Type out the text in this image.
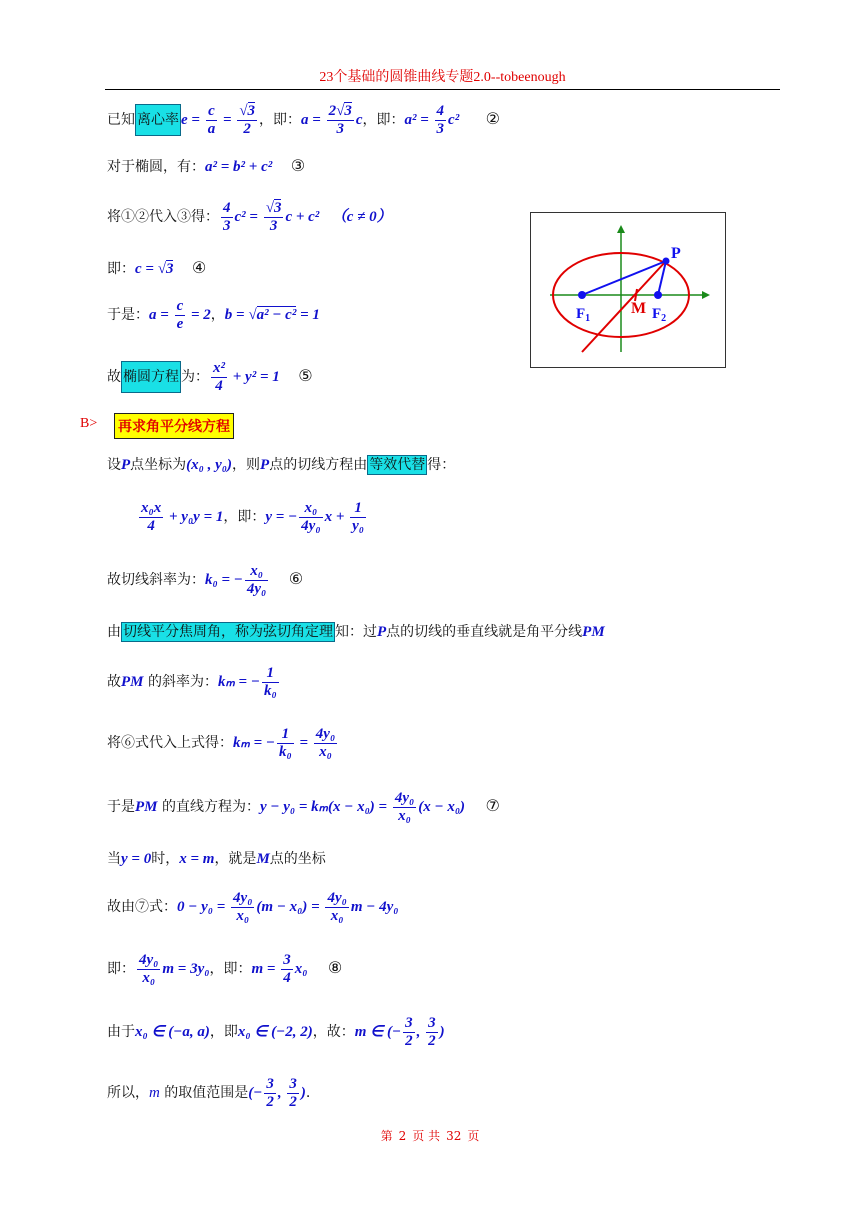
23个基础的圆锥曲线专题2.0--tobeenough
已知 离心率 $e = \frac{c}{a} = \frac{√3}{2}$ ，即：$a = \frac{2√3}{3}$ c，即：$a^2 = \frac{4}{3} c^2$ ②
对于椭圆，有：a² = b² + c² ③
将①②代入③得： $\frac{4}{3} c^2 = \frac{√3}{3}$ c + c² （c ≠ 0）
即：c = √3 ④
于是：$a = \frac{c}{e} = 2$，b = √a² − c² = 1
故 椭圆方程 为： $\frac{\text{x²}}{4} + y^2 = 1$ ⑤
B> 再求角平分线方程
设P点坐标为(x₀ , y₀)，则P点的切线方程由 等效代替 得：
$\frac{\text{x₀x}}{4} + y_0y = 1$，即：y = − $\frac{\text{x₀}}{\text{4y₀}}$ $x + \frac{1}{\text{y₀}}$
故切线斜率为：k₀ = − $\frac{\text{x₀}}{\text{4y₀}}$ ⑥
由 切线平分焦周角，称为弦切角定理 知：过P点的切线的垂直线就是角平分线PM
故PM 的斜率为：kₘ = − $\frac{1}{\text{k₀}}$
将⑥式代入上式得：kₘ = − $\frac{1}{\text{k₀}} = \frac{\text{4y₀}}{\text{x₀}}$
于是PM 的直线方程为：$y - y_0 = k_m(x - x_0) = \frac{\text{4y₀}}{\text{x₀}} (x - x_0)$ ⑦
当y = 0时，x = m，就是M点的坐标
故由⑦式：$0 - y_0 = \frac{\text{4y₀}}{\text{x₀}} (m - x_0) = \frac{\text{4y₀}}{\text{x₀}}$ m − 4y₀
即： $\frac{\text{4y₀}}{\text{x₀}}$ m = 3y₀，即：$m = \frac{3}{4} x_0$ ⑧
由于x₀ ∈ (−a, a)，即x₀ ∈ (−2, 2)，故：m ∈ (− $\frac{3}{2}$ , $\frac{3}{2}$ )
所以，m 的取值范围是(− $\frac{3}{2}$ , $\frac{3}{2}$ ).
P
M
$F_1$	$F_2$
第 2 页 共 32 页
